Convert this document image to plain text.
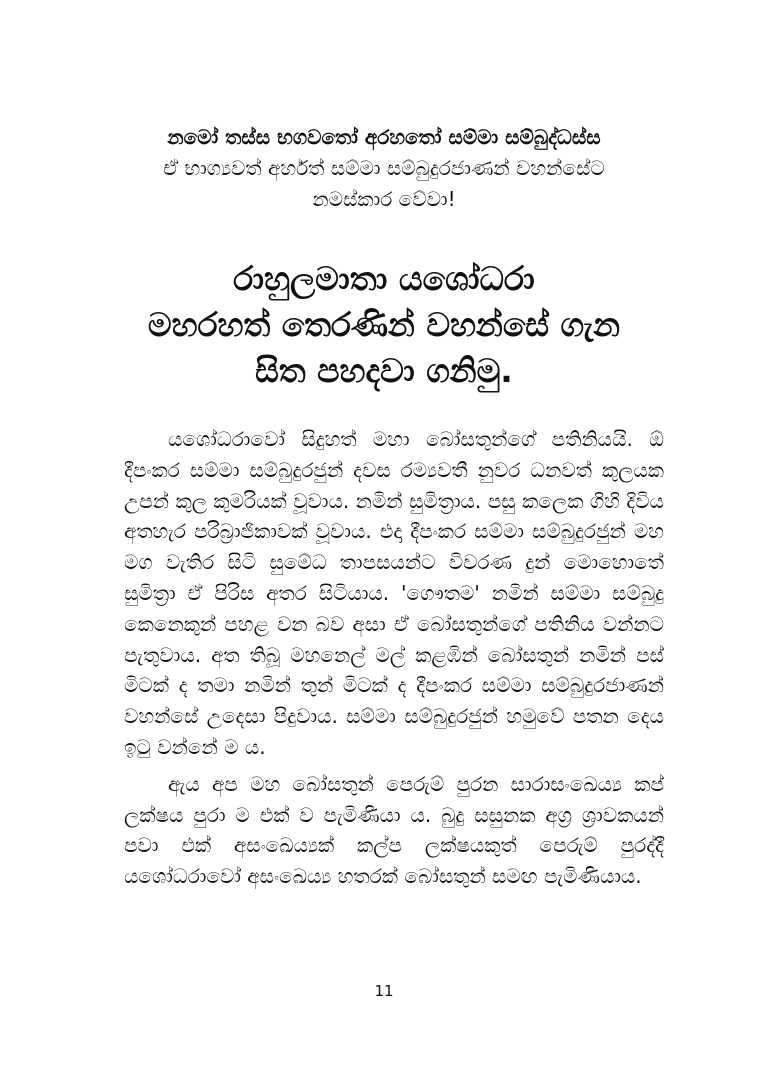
නමෝ තස්ස භගවතෝ අරහතෝ සම්මා සම්බුද්ධස්ස
ඒ භාග්‍යවත් අර්හත් සම්මා සම්බුදුරජාණන් වහන්සේට
නමස්කාර වේවා!
රාහුලමාතා යශෝධරා
මහරහත් තෙරණින් වහන්සේ ගැන
සිත පහදවා ගනිමු.

යශෝධරාවෝ සිදුහත් මහා බෝසතුන්ගේ පතිනියයි. ඕ දීපංකර සම්මා සම්බුදුරජුන් දවස රම්‍යවතී නුවර ධනවත් කුලයක උපන් කුල කුමරියක් වූවාය. නමින් සුමිත්‍රාය. පසු කලෙක ගිහි දිවිය අතහැර පරිබ්‍රාජිකාවක් වූවාය. එදා දීපංකර සම්මා සම්බුදුරජුන් මහ මග වැතිර සිටි සුමේධ තාපසයන්ට විවරණ දුන් මොහොතේ සුමිත්‍රා ඒ පිරිස අතර සිටියාය. 'ගෞතම' නමින් සම්මා සම්බුදු කෙනෙකුන් පහළ වන බව අසා ඒ බෝසතුන්ගේ පතිනිය වන්නට පැතුවාය. අත තිබූ මහනෙල් මල් කළඹින් බෝසතුන් නමින් පස් මිටක් ද තමා නමින් තුන් මිටක් ද දීපංකර සම්මා සම්බුදුරජාණන් වහන්සේ උදෙසා පිදුවාය. සම්මා සම්බුදුරජුන් හමුවේ පතන දෙය ඉටු වන්නේ ම ය.

ඇය අප මහ බෝසතුන් පෙරුම් පුරන සාරාසංඛෙය්‍ය කප් ලක්ෂය පුරා ම එක් ව පැමිණියා ය. බුදු සසුනක අග්‍ර ශ්‍රාවකයන් පවා එක් අසංඛෙය්‍යක් කල්ප ලක්ෂයකුත් පෙරුම් පුරද්දී යශෝධරාවෝ අසංඛෙය්‍ය හතරක් බෝසතුන් සමඟ පැමිණියාය.

11
